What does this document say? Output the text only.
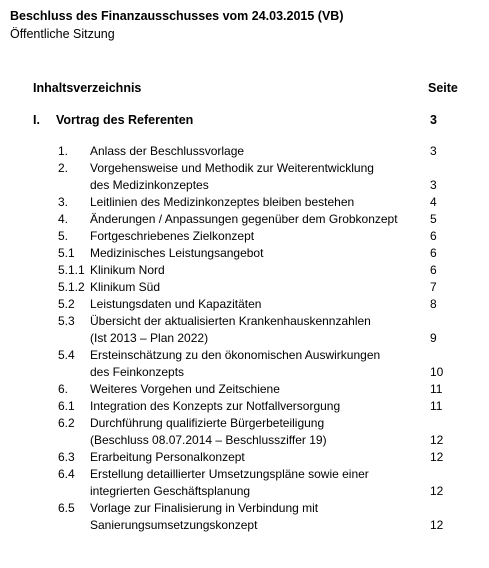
Beschluss des Finanzausschusses vom 24.03.2015 (VB)
Öffentliche Sitzung
Inhaltsverzeichnis	Seite
I. Vortrag des Referenten	3
1. Anlass der Beschlussvorlage	3
2. Vorgehensweise und Methodik zur Weiterentwicklung
des Medizinkonzeptes	3
3. Leitlinien des Medizinkonzeptes bleiben bestehen	4
4. Änderungen / Anpassungen gegenüber dem Grobkonzept	5
5. Fortgeschriebenes Zielkonzept	6
5.1 Medizinisches Leistungsangebot	6
5.1.1 Klinikum Nord	6
5.1.2 Klinikum Süd	7
5.2 Leistungsdaten und Kapazitäten	8
5.3 Übersicht der aktualisierten Krankenhauskennzahlen
(Ist 2013 – Plan 2022)	9
5.4 Ersteinschätzung zu den ökonomischen Auswirkungen
des Feinkonzepts	10
6. Weiteres Vorgehen und Zeitschiene	11
6.1 Integration des Konzepts zur Notfallversorgung	11
6.2 Durchführung qualifizierte Bürgerbeteiligung
(Beschluss 08.07.2014 – Beschlussziffer 19)	12
6.3 Erarbeitung Personalkonzept	12
6.4 Erstellung detaillierter Umsetzungspläne sowie einer
integrierten Geschäftsplanung	12
6.5 Vorlage zur Finalisierung in Verbindung mit
Sanierungsumsetzungskonzept	12
